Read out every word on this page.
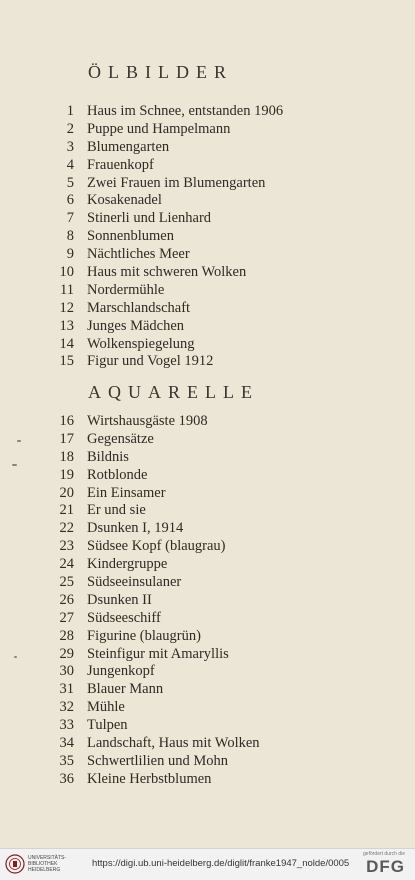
ÖLBILDER
1 Haus im Schnee, entstanden 1906
2 Puppe und Hampelmann
3 Blumengarten
4 Frauenkopf
5 Zwei Frauen im Blumengarten
6 Kosakenadel
7 Stinerli und Lienhard
8 Sonnenblumen
9 Nächtliches Meer
10 Haus mit schweren Wolken
11 Nordermühle
12 Marschlandschaft
13 Junges Mädchen
14 Wolkenspiegelung
15 Figur und Vogel 1912
AQUARELLE
16 Wirtshausgäste 1908
17 Gegensätze
18 Bildnis
19 Rotblonde
20 Ein Einsamer
21 Er und sie
22 Dsunken I, 1914
23 Südsee Kopf (blaugrau)
24 Kindergruppe
25 Südseeinsulaner
26 Dsunken II
27 Südseeschiff
28 Figurine (blaugrün)
29 Steinfigur mit Amaryllis
30 Jungenkopf
31 Blauer Mann
32 Mühle
33 Tulpen
34 Landschaft, Haus mit Wolken
35 Schwertlilien und Mohn
36 Kleine Herbstblumen
UNIVERSITÄTS- BIBLIOTHEK HEIDELBERG
https://digi.ub.uni-heidelberg.de/diglit/franke1947_nolde/0005
gefördert durch die
DFG
